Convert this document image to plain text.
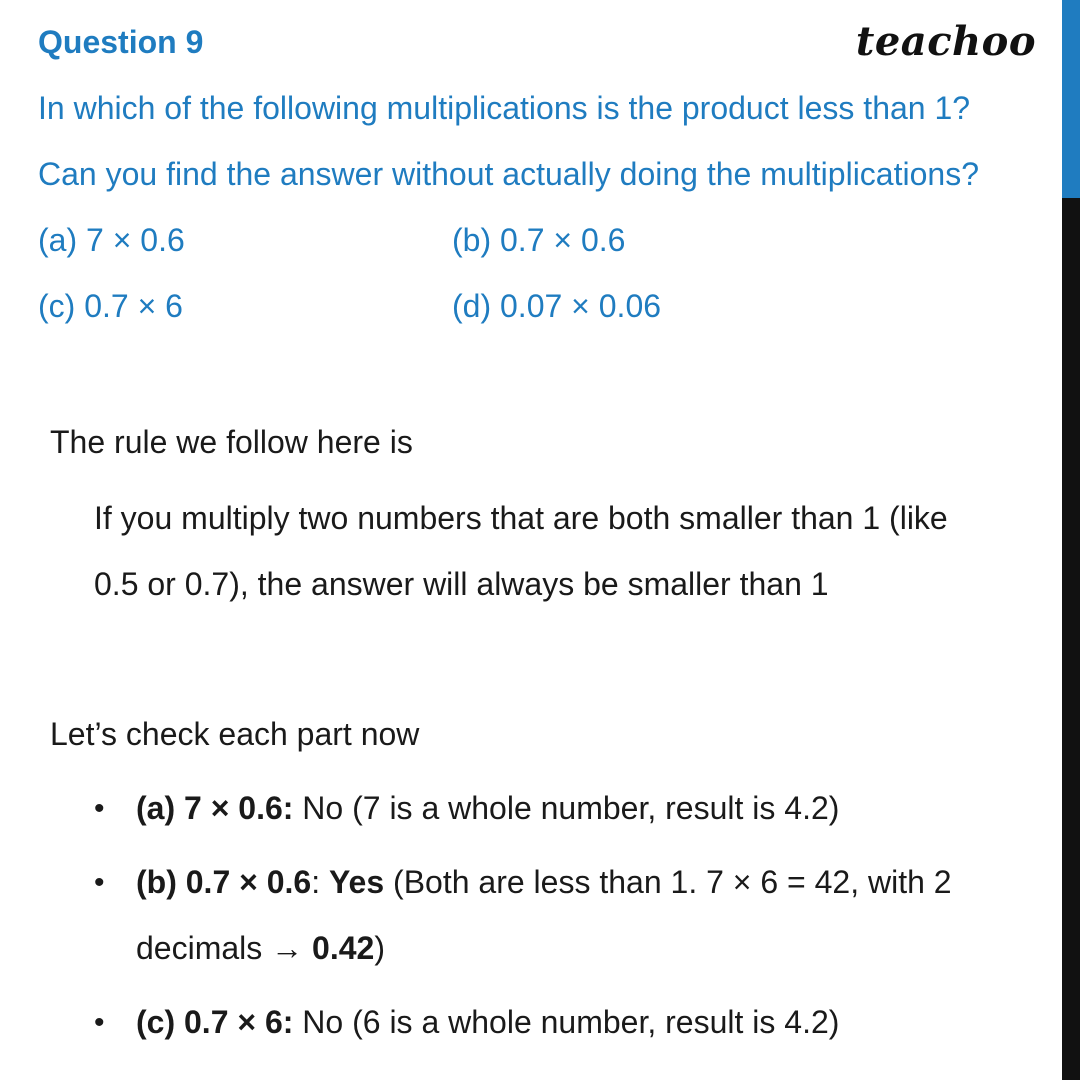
Question 9	teachoo
In which of the following multiplications is the product less than 1?
Can you find the answer without actually doing the multiplications?
(a) 7 × 0.6	(b) 0.7 × 0.6
(c) 0.7 × 6	(d) 0.07 × 0.06
The rule we follow here is
If you multiply two numbers that are both smaller than 1 (like
0.5 or 0.7), the answer will always be smaller than 1
Let’s check each part now
• (a) 7 × 0.6: No (7 is a whole number, result is 4.2)
• (b) 0.7 × 0.6: Yes (Both are less than 1. 7 × 6 = 42, with 2
decimals → 0.42)
• (c) 0.7 × 6: No (6 is a whole number, result is 4.2)
